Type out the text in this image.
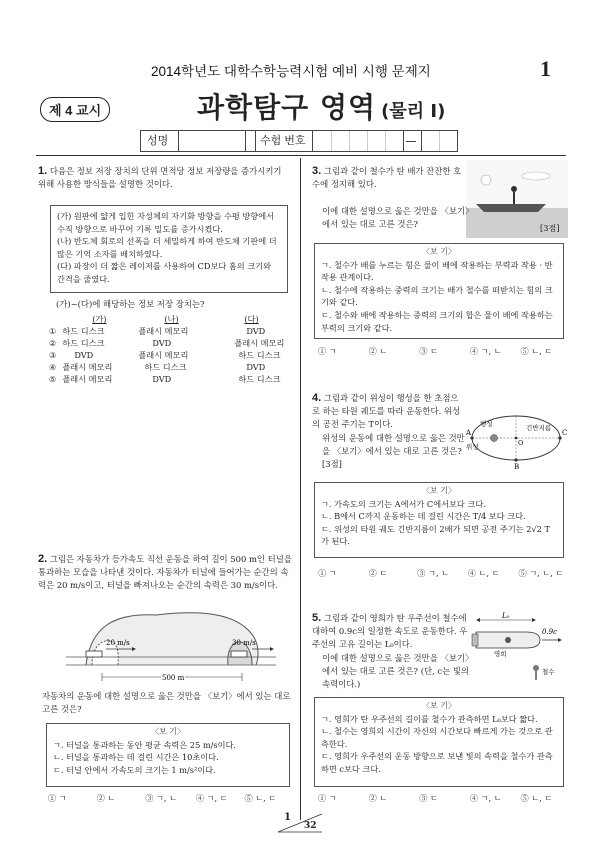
2014학년도 대학수학능력시험 예비 시행 문제지	1
제 4 교시	과학탐구 영역 (물리 I)
성명	수험 번호
1. 다음은 정보 저장 장치의 단위 면적당 정보 저장량을 증가시키기 위해 사용한 방식들을 설명한 것이다.
(가) 원판에 얇게 입힌 자성체의 자기화 방향을 수평 방향에서 수직 방향으로 바꾸어 기록 밀도를 증가시켰다.
(나) 반도체 회로의 선폭을 더 세밀하게 하여 반도체 기판에 더 많은 기억 소자를 배치하였다.
(다) 파장이 더 짧은 레이저를 사용하여 CD보다 홈의 크기와 간격을 줄였다.
(가)~(다)에 해당하는 정보 저장 장치는?
		(가)	(나)	(다)
①	하드 디스크		플래시 메모리	DVD
②	하드 디스크		DVD	플래시 메모리
③	DVD		플래시 메모리	하드 디스크
④	플래시 메모리		하드 디스크	DVD
⑤	플래시 메모리		DVD	하드 디스크
2. 그림은 자동차가 등가속도 직선 운동을 하여 길이 500 m인 터널을 통과하는 모습을 나타낸 것이다. 자동차가 터널에 들어가는 순간의 속력은 20 m/s이고, 터널을 빠져나오는 순간의 속력은 30 m/s이다.
20 m/s	30 m/s
500 m
자동차의 운동에 대한 설명으로 옳은 것만을 〈보기〉에서 있는 대로 고른 것은?
〈보 기〉
ㄱ. 터널을 통과하는 동안 평균 속력은 25 m/s이다.
ㄴ. 터널을 통과하는 데 걸린 시간은 10초이다.
ㄷ. 터널 안에서 가속도의 크기는 1 m/s²이다.
① ㄱ	② ㄴ	③ ㄱ, ㄴ ④ ㄱ, ㄷ ⑤ ㄴ, ㄷ
3. 그림과 같이 철수가 탄 배가 잔잔한 호수에 정지해 있다.
이에 대한 설명으로 옳은 것만을 〈보기〉에서 있는 대로 고른 것은?	[3점]
〈보 기〉
ㄱ. 철수가 배를 누르는 힘은 물이 배에 작용하는 부력과 작용 · 반작용 관계이다.
ㄴ. 철수에 작용하는 중력의 크기는 배가 철수를 떠받치는 힘의 크기와 같다.
ㄷ. 철수와 배에 작용하는 중력의 크기의 합은 물이 배에 작용하는 부력의 크기와 같다.
① ㄱ	② ㄴ	③ ㄷ	④ ㄱ, ㄴ ⑤ ㄴ, ㄷ
4. 그림과 같이 위성이 행성을 한 초점으로 하는 타원 궤도를 따라 운동한다. 위성의 공전 주기는 T이다.
위성의 운동에 대한 설명으로 옳은 것만을 〈보기〉에서 있는 대로 고른 것은? [3점]
행성	긴반지름
위성
A	C
B
O
〈보 기〉
ㄱ. 가속도의 크기는 A에서가 C에서보다 크다.
ㄴ. B에서 C까지 운동하는 데 걸린 시간은 T/4 보다 크다.
ㄷ. 위성의 타원 궤도 긴반지름이 2배가 되면 공전 주기는 2√2 T가 된다.
① ㄱ	② ㄷ	③ ㄱ, ㄴ ④ ㄴ, ㄷ ⑤ ㄱ, ㄴ, ㄷ
5. 그림과 같이 영희가 탄 우주선이 철수에 대하여 0.9c의 일정한 속도로 운동한다. 우주선의 고유 길이는 L₀이다.
이에 대한 설명으로 옳은 것만을 〈보기〉에서 있는 대로 고른 것은? (단, c는 빛의 속력이다.)
L₀
영희
0.9c
철수
〈보 기〉
ㄱ. 영희가 탄 우주선의 길이를 철수가 관측하면 L₀보다 짧다.
ㄴ. 철수는 영희의 시간이 자신의 시간보다 빠르게 가는 것으로 관측한다.
ㄷ. 영희가 우주선의 운동 방향으로 보낸 빛의 속력을 철수가 관측하면 c보다 크다.
① ㄱ	② ㄴ	③ ㄷ	④ ㄱ, ㄴ ⑤ ㄴ, ㄷ
1
32
